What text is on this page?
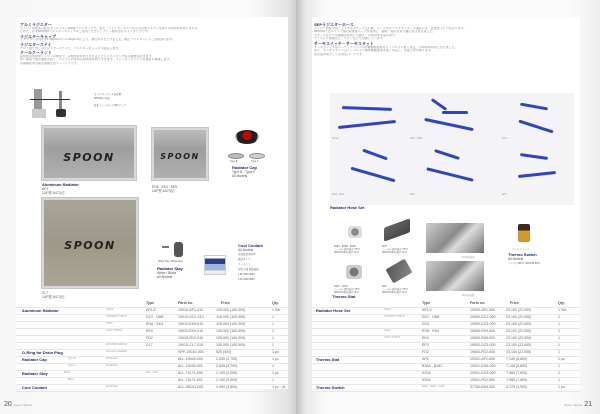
アルミラジエター

エアコンの装着可能なオールアルミ製2層ラジエターです。また、ウォーターポンプなどの冷却システム全体で冷却効率を向上させる

ために、必ずSPOONラジエターキャップをご使用ください。ステー類を含むキットタイプです。

ラジエターキャップ

ラジエターの内圧を1.1kg/cm²から1.3kg/cm²に上げ、沸点を引き上げました。純正ラジエターにもご使用頂けます。

ラジエターステイ

アルミ削り出しのラジエターステイで、ラジエターをしっかり固定します。

クールクーラント

高性能長寿命型エンジン冷却水で、冷却性能を向上させるとともにエンジン内部の腐食を防ぎます。

低い粘度で熱伝導性が高く、エンジン内部の冷却効率を向上させます。ウォーターポンプへの負担も軽減します。

長期間使用可能な高耐久性クーラントです。

ラジエターホース径比較

SPOON / 純正

純正ドレンボルト用Oリング

SPOON
Aluminum Radiator
AP1
1UP製 A/C対応
SPOON
EG6 · EK4 · EK9
1UP製 A/C対応
Type B	Type F
Radiator Cap
Type B · Type F
All Models
SPOON
CL7
1UP製 A/C対応
White Stay / Black Stay
Radiator Stay
White / Black
All Models
Cool Coolant
All Models
高性能長寿命型
原液タイプ
クーラント
容量 品番 税抜価格
1.8L 1800 3500
4.0L 4000 6800
Type	Parts no.	Price	Qty.
▫ Aluminum Radiator	S2000	AP1/2	19010-AP1-010	105,000 (100,000)	1 Set
INTEGRA TYPE R	DC2 · DB8	19010-DC2-010	105,000 (100,000)	1
CIVIC	EG6 · EK4	19010-EK9-010	105,000 (100,000)	1
CIVIC TYPE R	EK9	19010-EK9-010	105,000 (100,000)	1
FD2	19010-FD2-010	105,000 (100,000)	1
ACCORD EURO R	CL7	19010-CL7-010	105,000 (100,000)	1
▫ O-Ring for Drain Plug	Aluminum Radiator	SPP-19010-000	525 (500)	1 pc
▫ Radiator Cap	Type B	All Models	ALL-19045-000	2,835 (2,700)	1 pc
Type F	All Models	ALL-19045-001	2,835 (2,700)	1
▫ Radiator Stay	White	ALL · 2pcs	ALL-74171-000	2,100 (2,000)	1 pc
Black	ALL-74171-001	2,100 (2,000)	1
▫ Cool Coolant	All Models	ALL-08C01-000	3,990 (3,800)	1 pc · 4L
20 Spoon Sports
SEPラジエターホース

エンジン回転が高く上下するスポーツ走行時、ノーマルのラジエターホースは膨らみ、流量低下につながります。

SPOONではシリコン製の高強度ホースを採用し、耐熱・耐圧性を大幅に向上させました。

スポーツ走行での過酷な状況にも耐え、冷却効率を高めます。

サイズにも最適化し、ステーなども付属しています。

サーモスイッチ・サーモスタット

サーモスイッチはクーリングファンの作動開始温度をノーマルより低く設定。冷却効率を向上させました。

また、サーモスタットはノーマルより開弁開始温度を低く設定し、水温上昇を抑えます。

高水温対策として有効なパーツです。

AP1/2	DC2 · DB8	DC5
EG6 · EK4	EK9	EP3
Radiator Hose Set
B16A · B16B · B18C
ノーマル 開弁温度 78°C
SPOON 開弁温度 71°C
DC5
ノーマル 開弁温度 78°C
SPOON 開弁温度 71°C
F20C · F22C
ノーマル 開弁温度 78°C
SPOON 開弁温度 71°C
FD2
ノーマル 開弁温度 78°C
SPOON 開弁温度 71°C
Thermo Stat
DC5装着例
FD2装着例
サーモスイッチ
Thermo Switch
All Models
ノーマル 98°C / SPOON 88°C
Type	Parts no.	Price	Qty.
▫ Radiator Hose Set	S2000	AP1/2	19500-AP1-000	23,100 (22,000)	1 Set
INTEGRA TYPE R	DC2 · DB8	19500-DC2-000	23,100 (22,000)	1
DC5	19500-DC5-000	23,100 (22,000)	1
CIVIC	EG6 · EK4	19500-EK9-000	23,100 (22,000)	1
CIVIC TYPE R	EK9	19500-EK9-000	23,100 (22,000)	1
EP3	19500-DC5-000	23,100 (22,000)	1
FD2	19500-FD2-000	23,100 (22,000)	1
▫ Thermo Stat	AP1	19301-AP1-000	7,140 (6,800)	1 pc
B16A · B18C	19301-EG6-000	7,140 (6,800)	1
K20A	19301-DC5-000	7,980 (7,600)	1
K20A	19301-FD2-000	7,980 (7,600)	1
▫ Thermo Switch	B16A · B18C · K20A	37760-EK9-000	4,725 (4,500)	1 pc
Spoon Sports 21
